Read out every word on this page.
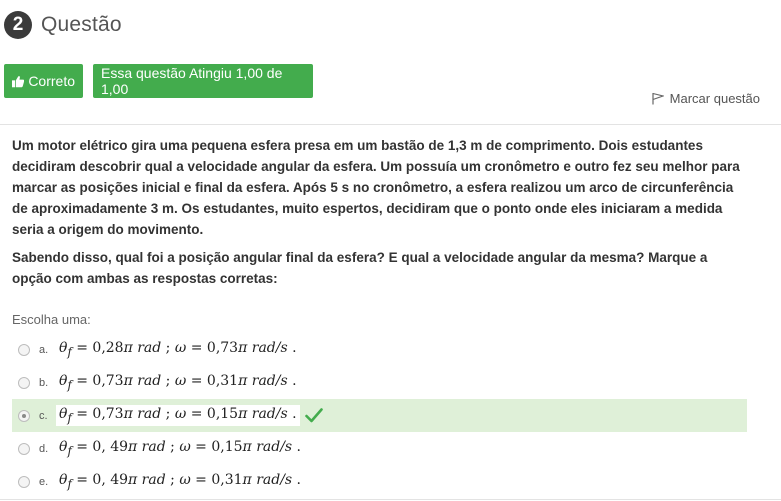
2 Questão
Correto	Essa questão Atingiu 1,00 de 1,00
Marcar questão

Um motor elétrico gira uma pequena esfera presa em um bastão de 1,3 m de comprimento. Dois estudantes decidiram descobrir qual a velocidade angular da esfera. Um possuía um cronômetro e outro fez seu melhor para marcar as posições inicial e final da esfera. Após 5 s no cronômetro, a esfera realizou um arco de circunferência de aproximadamente 3 m. Os estudantes, muito espertos, decidiram que o ponto onde eles iniciaram a medida seria a origem do movimento.

Sabendo disso, qual foi a posição angular final da esfera? E qual a velocidade angular da mesma? Marque a opção com ambas as respostas corretas:

Escolha uma:
a. $\theta_f = 0,28\pi$ rad ; ω = 0,73π rad/s .
b. $\theta_f = 0,73\pi$ rad ; ω = 0,31π rad/s .
c. $\theta_f = 0,73\pi$ rad ; ω = 0,15π rad/s .
d. $\theta_f = 0$, 49π rad ; ω = 0,15π rad/s .
e. $\theta_f = 0$, 49π rad ; ω = 0,31π rad/s .
